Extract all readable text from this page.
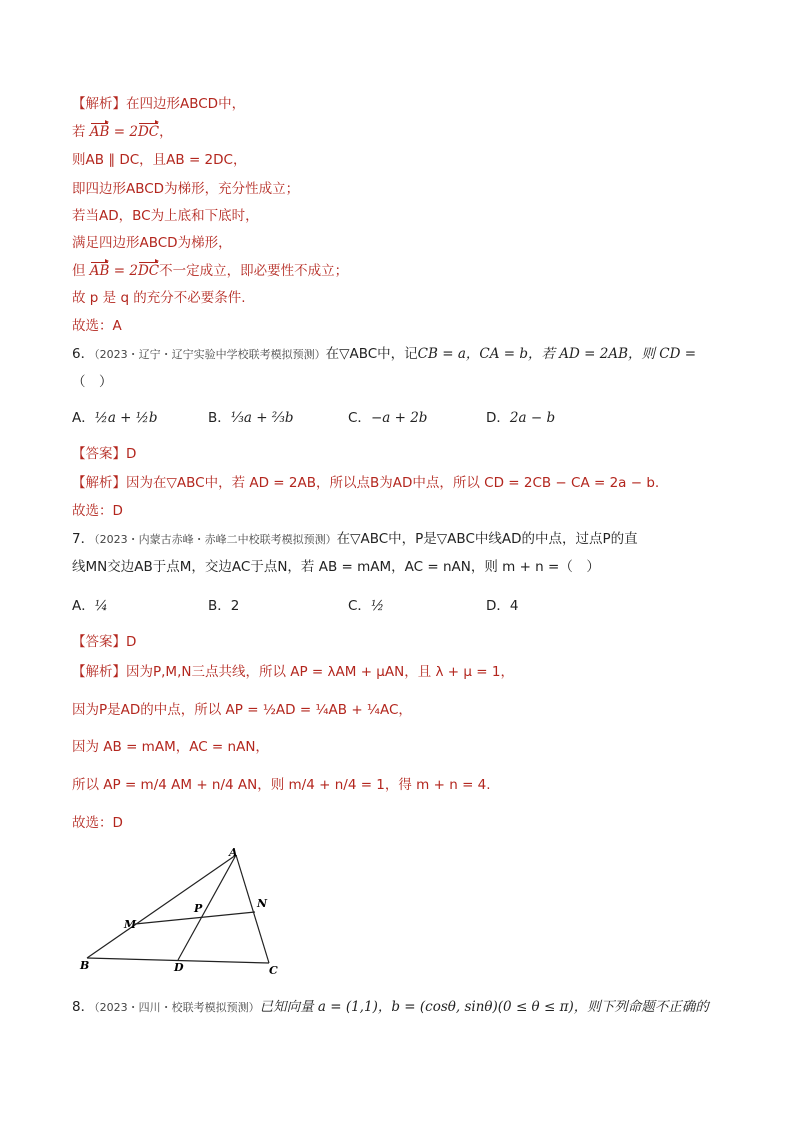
【解析】在四边形ABCD中，
若 AB = 2DC，
则AB ∥ DC，且AB = 2DC，
即四边形ABCD为梯形，充分性成立；
若当AD，BC为上底和下底时，
满足四边形ABCD为梯形，
但 AB = 2DC不一定成立，即必要性不成立；
故 p 是 q 的充分不必要条件.
故选：A
6．（2023・辽宁・辽宁实验中学校联考模拟预测）在▽ABC中，记CB = a，CA = b，若 AD = 2AB，则 CD =
（　）
A．½a + ½b	B．⅓a + ⅔b	C．−a + 2b	D．2a − b
【答案】D
【解析】因为在▽ABC中，若 AD = 2AB，所以点B为AD中点，所以 CD = 2CB − CA = 2a − b.
故选：D
7．（2023・内蒙古赤峰・赤峰二中校联考模拟预测）在▽ABC中，P是▽ABC中线AD的中点，过点P的直
线MN交边AB于点M，交边AC于点N，若 AB = mAM，AC = nAN，则 m + n =（　）
A．¼	B．2	C．½	D．4
【答案】D
【解析】因为P,M,N三点共线，所以 AP = λAM + μAN，且 λ + μ = 1，
因为P是AD的中点，所以 AP = ½AD = ¼AB + ¼AC，
因为 AB = mAM，AC = nAN，
所以 AP = m/4 AM + n/4 AN，则 m/4 + n/4 = 1，得 m + n = 4.
故选：D
A
M
P	N
B	D	C
8．（2023・四川・校联考模拟预测）已知向量 a = (1,1)，b = (cosθ, sinθ)(0 ≤ θ ≤ π)，则下列命题不正确的
